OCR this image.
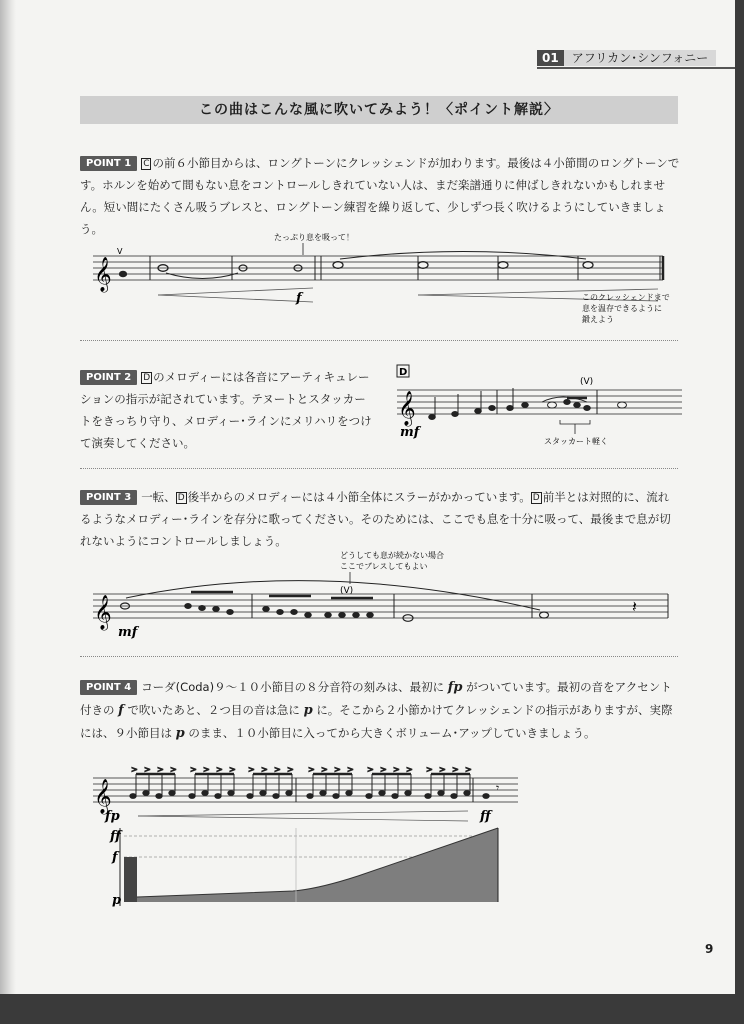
01	アフリカン･シンフォニー
この曲はこんな風に吹いてみよう！〈ポイント解説〉
POINT 1 C の前６小節目からは、ロングトーンにクレッシェンドが加わります。最後は４小節間のロングトーンです。ホルンを始めて間もない息をコントロールしきれていない人は、まだ楽譜通りに伸ばしきれないかもしれません。短い間にたくさん吸うブレスと、ロングトーン練習を繰り返して、少しずつ長く吹けるようにしていきましょう。
𝄞
たっぷり息を吸って！
V
f	このクレッシェンドまで
息を温存できるように
鍛えよう
POINT 2 D のメロディーには各音にアーティキュレーションの指示が記されています。テヌートとスタッカートをきっちり守り、メロディー･ラインにメリハリをつけて演奏してください。
D
𝄞
(V)
mf
スタッカート軽く
POINT 3 一転、 D 後半からのメロディーには４小節全体にスラーがかかっています。 D 前半とは対照的に、流れるようなメロディー･ラインを存分に歌ってください。そのためには、ここでも息を十分に吸って、最後まで息が切れないようにコントロールしましょう。
どうしても息が続かない場合
ここでブレスしてもよい
𝄞	𝄽
(V)
mf
POINT 4 コーダ(Coda)９～１０小節目の８分音符の刻みは、最初に fp がついています。最初の音をアクセント付きの f で吹いたあと、２つ目の音は急に p に。そこから２小節かけてクレッシェンドの指示がありますが、実際には、９小節目は p のまま、１０小節目に入ってから大きくボリューム･アップしていきましょう。
𝄞
> > > > > > > > > > > > > > > > > > > > > > > >
fp	ff
𝄾
ff
f
p
9
